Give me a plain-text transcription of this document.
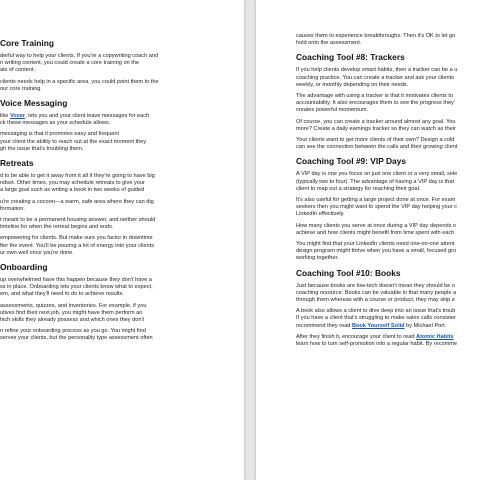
Core Training

derful way to help your clients. If you're a copywriting coach and
n writing content, you could create a core training on the
ats of content.

clients needs help in a specific area, you could point them to the
our core training.

Voice Messaging

like Voxer, lets you and your client leave messages for each
ck these messages as your schedule allows.

messaging is that it promotes easy and frequent
your client the ability to reach out at the exact moment they
gh the issue that's troubling them.

Retreats

d to be able to get it away from it all if they're going to have big
ndset. Other times, you may schedule retreats to give your
a large goal such as writing a book in two weeks of guided

u're creating a cocoon—a warm, safe area where they can dig
formation.

t meant to be a permanent housing answer, and neither should
timeline for when the retreat begins and ends.

empowering for clients. But make sure you factor in downtime
fter the event. You'll be pouring a lot of energy into your clients
ur own well once you're done.

Onboarding

up overwhelmed have this happen because they don't have a
ss in place. Onboarding lets your clients know what to expect,
em, and what they'll need to do to achieve results.

assessments, quizzes, and inventories. For example, if you
utives find their next job, you might have them perform an
hich skills they already possess and which ones they don't

n refine your onboarding process as you go. You might find
serves your clients, but the personality type assessment often

causes them to experience breakthroughs. Then it's OK to let go
hold onto the assessment.

Coaching Tool #8: Trackers

If you help clients develop smart habits, then a tracker can be a u
coaching practice. You can create a tracker and ask your clients
weekly, or monthly depending on their needs.

The advantage with using a tracker is that it motivates clients to
accountability. It also encourages them to see the progress they'
creates powerful momentum.

Of course, you can create a tracker around almost any goal. You
more? Create a daily earnings tracker so they can watch as their

Your clients want to get more clients of their own? Design a cold
can see the connection between the calls and their growing client

Coaching Tool #9: VIP Days

A VIP day is one you focus on just one client or a very small, sele
(typically two to four). The advantage of having a VIP day is that
client to map out a strategy for reaching their goal.

It's also useful for getting a large project done at once. For exam
seekers then you might want to spend the VIP day helping your c
LinkedIn effectively.

How many clients you serve at once during a VIP day depends o
achieve and how clients might benefit from time spent with each

You might find that your LinkedIn clients need one-on-one attent
design program might thrive when you have a small, focused gro
working together.

Coaching Tool #10: Books

Just because books are low-tech doesn't mean they should be o
coaching resource. Books can be valuable in that many people a
through them whereas with a course or product, they may skip e

A book also allows a client to dive deep into an issue that's troub
If you have a client that's struggling to make sales calls consister
recommend they read Book Yourself Solid by Michael Port.

After they finish it, encourage your client to read Atomic Habits
learn how to turn self-promotion into a regular habit. By recomme
